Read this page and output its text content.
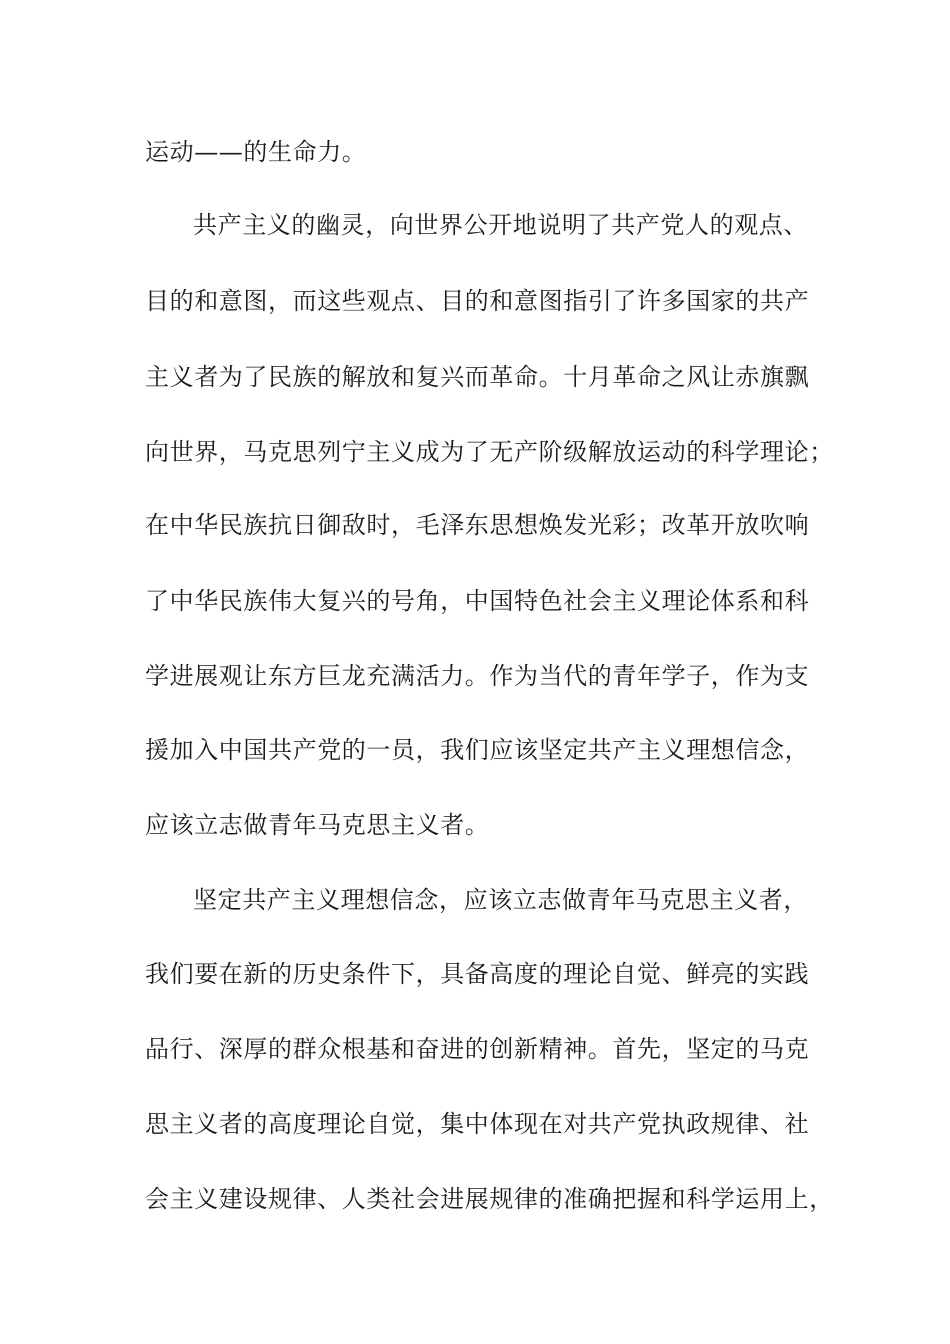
运动——的生命力。
共产主义的幽灵，向世界公开地说明了共产党人的观点、
目的和意图，而这些观点、目的和意图指引了许多国家的共产
主义者为了民族的解放和复兴而革命。十月革命之风让赤旗飘
向世界，马克思列宁主义成为了无产阶级解放运动的科学理论；
在中华民族抗日御敌时，毛泽东思想焕发光彩；改革开放吹响
了中华民族伟大复兴的号角，中国特色社会主义理论体系和科
学进展观让东方巨龙充满活力。作为当代的青年学子，作为支
援加入中国共产党的一员，我们应该坚定共产主义理想信念，
应该立志做青年马克思主义者。
坚定共产主义理想信念，应该立志做青年马克思主义者，
我们要在新的历史条件下，具备高度的理论自觉、鲜亮的实践
品行、深厚的群众根基和奋进的创新精神。首先，坚定的马克
思主义者的高度理论自觉，集中体现在对共产党执政规律、社
会主义建设规律、人类社会进展规律的准确把握和科学运用上，
